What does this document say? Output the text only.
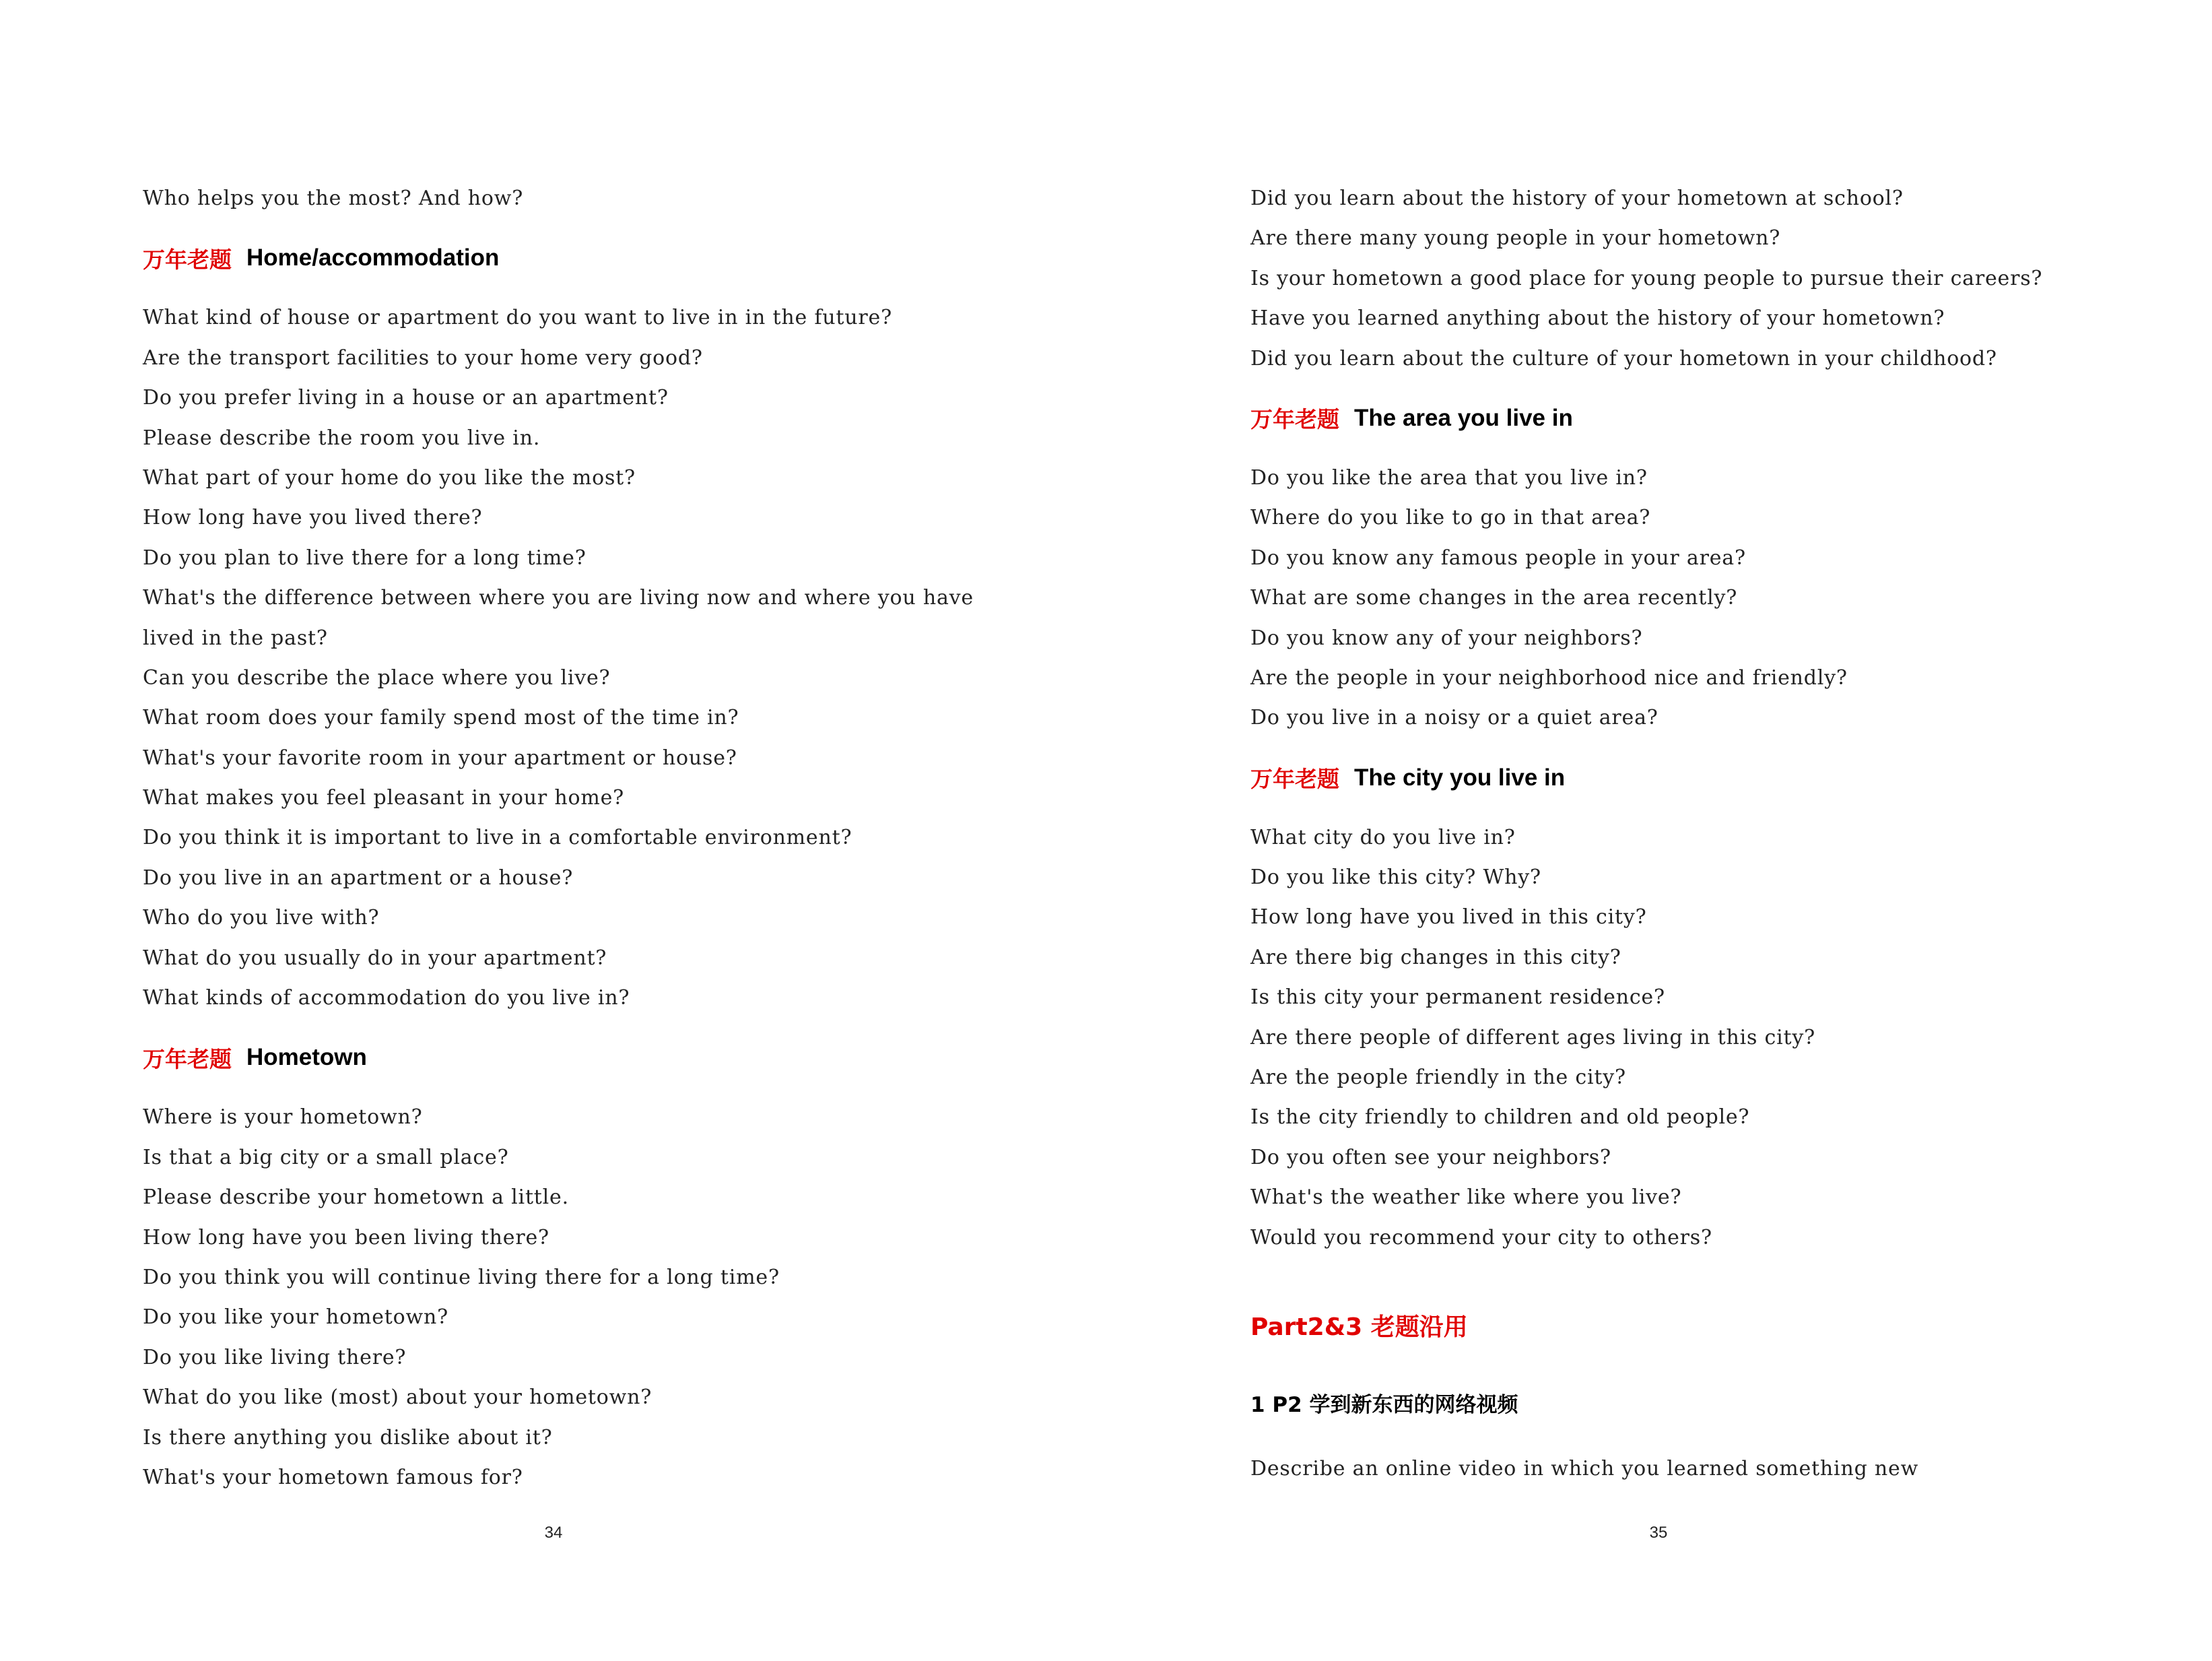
Who helps you the most? And how?
万年老题 Home/accommodation
What kind of house or apartment do you want to live in in the future?
Are the transport facilities to your home very good?
Do you prefer living in a house or an apartment?
Please describe the room you live in.
What part of your home do you like the most?
How long have you lived there?
Do you plan to live there for a long time?
What's the difference between where you are living now and where you have
lived in the past?
Can you describe the place where you live?
What room does your family spend most of the time in?
What's your favorite room in your apartment or house?
What makes you feel pleasant in your home?
Do you think it is important to live in a comfortable environment?
Do you live in an apartment or a house?
Who do you live with?
What do you usually do in your apartment?
What kinds of accommodation do you live in?
万年老题 Hometown
Where is your hometown?
Is that a big city or a small place?
Please describe your hometown a little.
How long have you been living there?
Do you think you will continue living there for a long time?
Do you like your hometown?
Do you like living there?
What do you like (most) about your hometown?
Is there anything you dislike about it?
What's your hometown famous for?
34
Did you learn about the history of your hometown at school?
Are there many young people in your hometown?
Is your hometown a good place for young people to pursue their careers?
Have you learned anything about the history of your hometown?
Did you learn about the culture of your hometown in your childhood?
万年老题 The area you live in
Do you like the area that you live in?
Where do you like to go in that area?
Do you know any famous people in your area?
What are some changes in the area recently?
Do you know any of your neighbors?
Are the people in your neighborhood nice and friendly?
Do you live in a noisy or a quiet area?
万年老题 The city you live in
What city do you live in?
Do you like this city? Why?
How long have you lived in this city?
Are there big changes in this city?
Is this city your permanent residence?
Are there people of different ages living in this city?
Are the people friendly in the city?
Is the city friendly to children and old people?
Do you often see your neighbors?
What's the weather like where you live?
Would you recommend your city to others?
Part2&3 老题沿用
1 P2 学到新东西的网络视频
Describe an online video in which you learned something new
35
